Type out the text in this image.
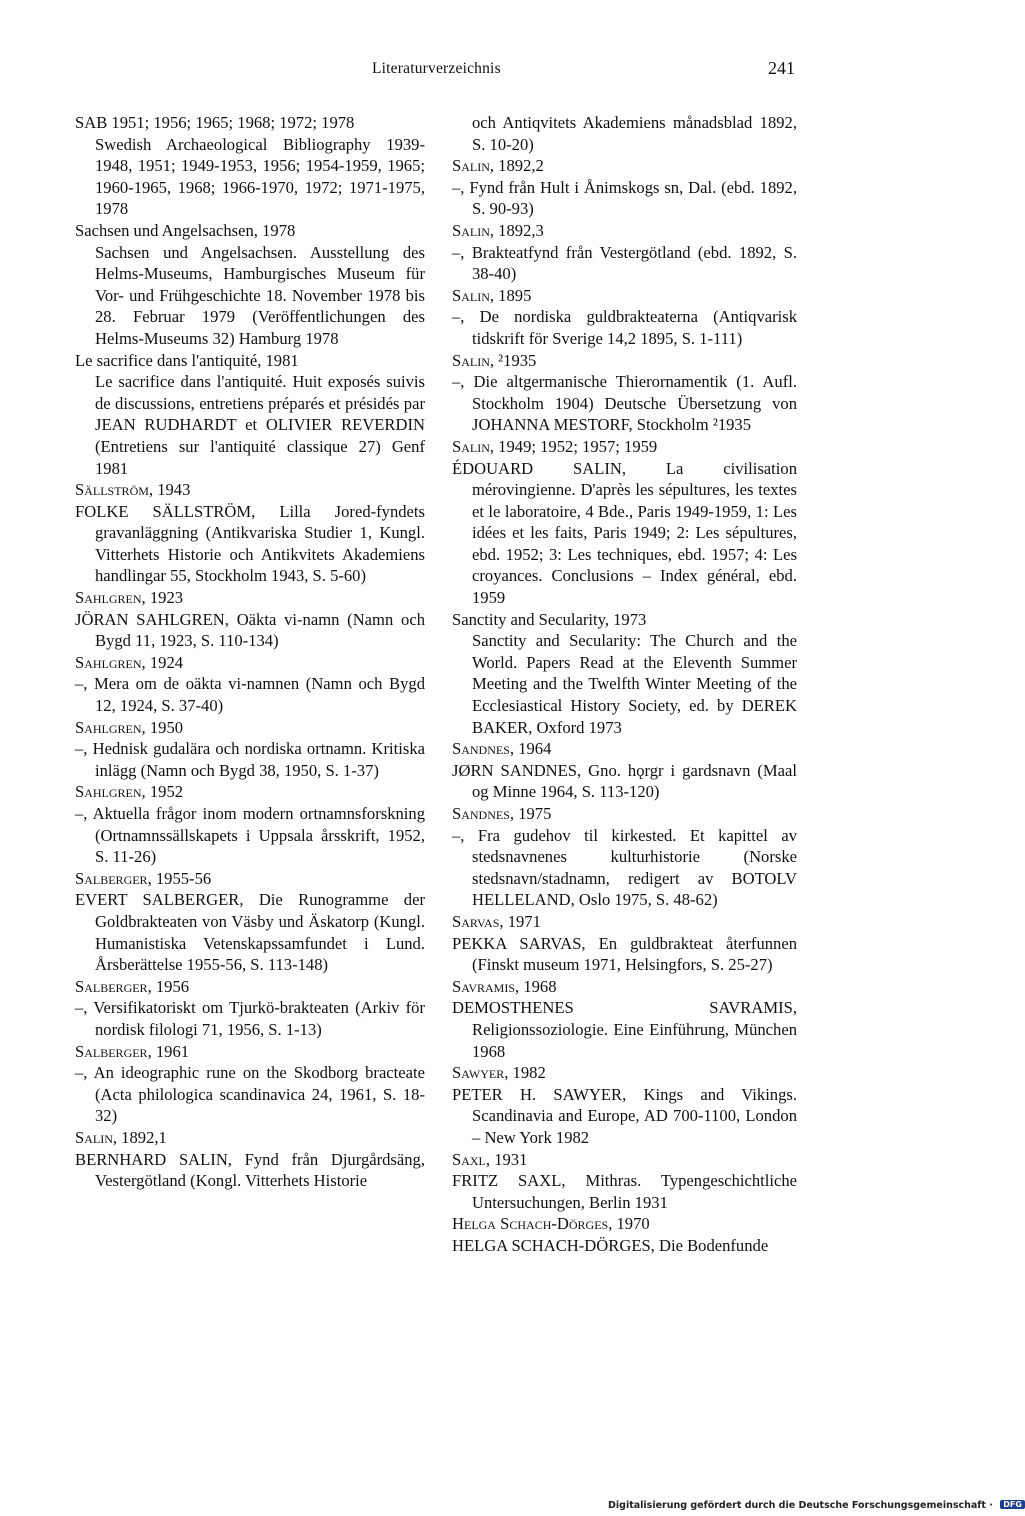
Literaturverzeichnis	241
SAB 1951; 1956; 1965; 1968; 1972; 1978
Swedish Archaeological Bibliography 1939-1948, 1951; 1949-1953, 1956; 1954-1959, 1965; 1960-1965, 1968; 1966-1970, 1972; 1971-1975, 1978
Sachsen und Angelsachsen, 1978
Sachsen und Angelsachsen. Ausstellung des Helms-Museums, Hamburgisches Museum für Vor- und Frühgeschichte 18. November 1978 bis 28. Februar 1979 (Veröffentlichungen des Helms-Museums 32) Hamburg 1978
Le sacrifice dans l'antiquité, 1981
Le sacrifice dans l'antiquité. Huit exposés suivis de discussions, entretiens préparés et présidés par JEAN RUDHARDT et OLIVIER REVERDIN (Entretiens sur l'antiquité classique 27) Genf 1981
Sällström, 1943
FOLKE SÄLLSTRÖM, Lilla Jored-fyndets gravanläggning (Antikvariska Studier 1, Kungl. Vitterhets Historie och Antikvitets Akademiens handlingar 55, Stockholm 1943, S. 5-60)
Sahlgren, 1923
JÖRAN SAHLGREN, Oäkta vi-namn (Namn och Bygd 11, 1923, S. 110-134)
Sahlgren, 1924
–, Mera om de oäkta vi-namnen (Namn och Bygd 12, 1924, S. 37-40)
Sahlgren, 1950
–, Hednisk gudalära och nordiska ortnamn. Kritiska inlägg (Namn och Bygd 38, 1950, S. 1-37)
Sahlgren, 1952
–, Aktuella frågor inom modern ortnamnsforskning (Ortnamnssällskapets i Uppsala årsskrift, 1952, S. 11-26)
Salberger, 1955-56
EVERT SALBERGER, Die Runogramme der Goldbrakteaten von Väsby und Äskatorp (Kungl. Humanistiska Vetenskapssamfundet i Lund. Årsberättelse 1955-56, S. 113-148)
Salberger, 1956
–, Versifikatoriskt om Tjurkö-brakteaten (Arkiv för nordisk filologi 71, 1956, S. 1-13)
Salberger, 1961
–, An ideographic rune on the Skodborg bracteate (Acta philologica scandinavica 24, 1961, S. 18-32)
Salin, 1892,1
BERNHARD SALIN, Fynd från Djurgårdsäng, Vestergötland (Kongl. Vitterhets Historie
och Antiqvitets Akademiens månadsblad 1892, S. 10-20)
Salin, 1892,2
–, Fynd från Hult i Ånimskogs sn, Dal. (ebd. 1892, S. 90-93)
Salin, 1892,3
–, Brakteatfynd från Vestergötland (ebd. 1892, S. 38-40)
Salin, 1895
–, De nordiska guldbrakteaterna (Antiqvarisk tidskrift för Sverige 14,2 1895, S. 1-111)
Salin, ²1935
–, Die altgermanische Thierornamentik (1. Aufl. Stockholm 1904) Deutsche Übersetzung von JOHANNA MESTORF, Stockholm ²1935
Salin, 1949; 1952; 1957; 1959
ÉDOUARD SALIN, La civilisation mérovingienne. D'après les sépultures, les textes et le laboratoire, 4 Bde., Paris 1949-1959, 1: Les idées et les faits, Paris 1949; 2: Les sépultures, ebd. 1952; 3: Les techniques, ebd. 1957; 4: Les croyances. Conclusions – Index général, ebd. 1959
Sanctity and Secularity, 1973
Sanctity and Secularity: The Church and the World. Papers Read at the Eleventh Summer Meeting and the Twelfth Winter Meeting of the Ecclesiastical History Society, ed. by DEREK BAKER, Oxford 1973
Sandnes, 1964
JØRN SANDNES, Gno. hǫrgr i gardsnavn (Maal og Minne 1964, S. 113-120)
Sandnes, 1975
–, Fra gudehov til kirkested. Et kapittel av stedsnavnenes kulturhistorie (Norske stedsnavn/stadnamn, redigert av BOTOLV HELLELAND, Oslo 1975, S. 48-62)
Sarvas, 1971
PEKKA SARVAS, En guldbrakteat återfunnen (Finskt museum 1971, Helsingfors, S. 25-27)
Savramis, 1968
DEMOSTHENES SAVRAMIS, Religionssoziologie. Eine Einführung, München 1968
Sawyer, 1982
PETER H. SAWYER, Kings and Vikings. Scandinavia and Europe, AD 700-1100, London – New York 1982
Saxl, 1931
FRITZ SAXL, Mithras. Typengeschichtliche Untersuchungen, Berlin 1931
Helga Schach-Dörges, 1970
HELGA SCHACH-DÖRGES, Die Bodenfunde
Digitalisierung gefördert durch die Deutsche Forschungsgemeinschaft · DFG
